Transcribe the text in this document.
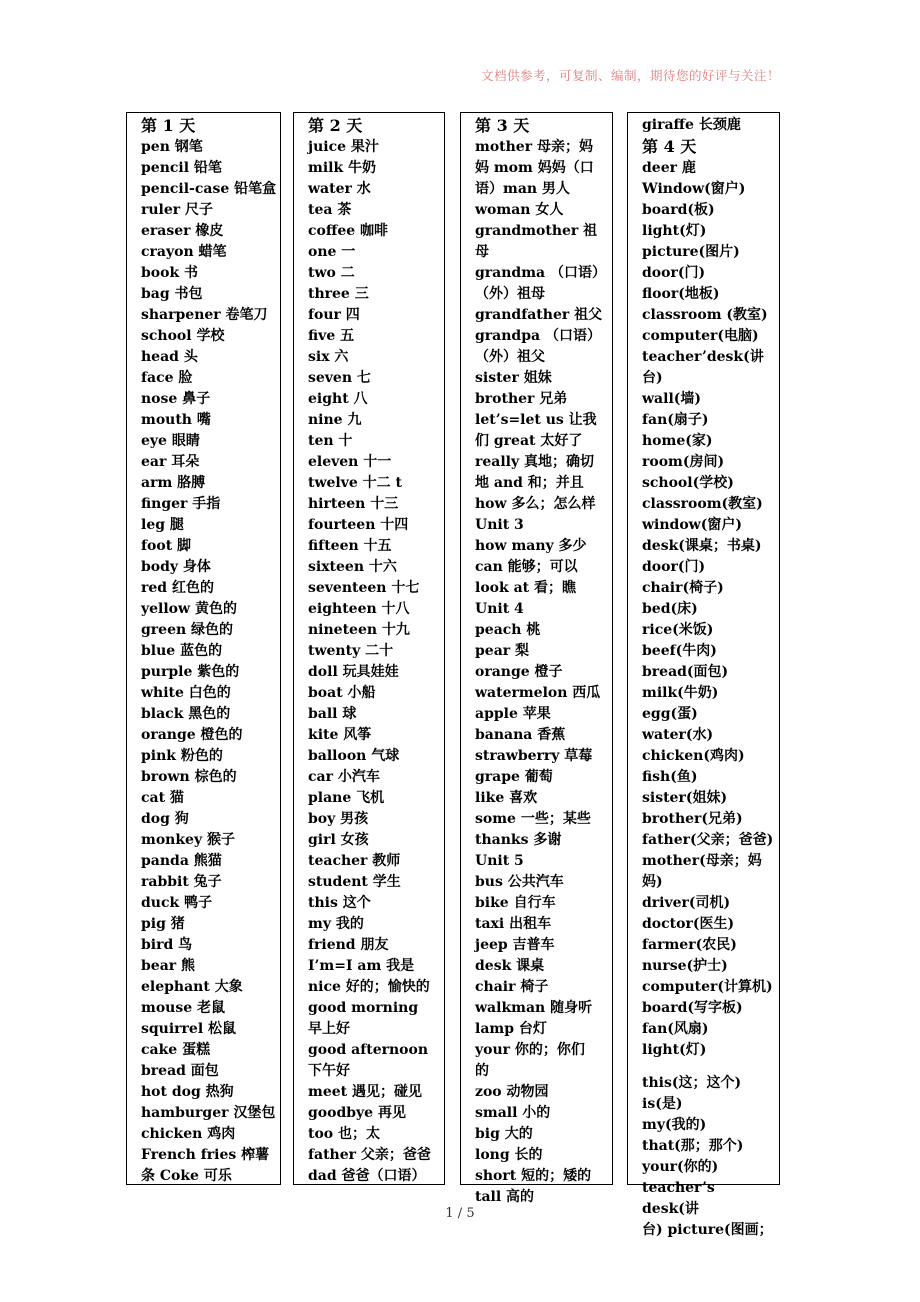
文档供参考，可复制、编制，期待您的好评与关注！
第 1 天
pen 钢笔
pencil 铅笔
pencil-case 铅笔盒
ruler 尺子
eraser 橡皮
crayon 蜡笔
book 书
bag 书包
sharpener 卷笔刀
school 学校
head 头
face 脸
nose 鼻子
mouth 嘴
eye 眼睛
ear 耳朵
arm 胳膊
finger 手指
leg 腿
foot 脚
body 身体
red 红色的
yellow 黄色的
green 绿色的
blue 蓝色的
purple 紫色的
white 白色的
black 黑色的
orange 橙色的
pink 粉色的
brown 棕色的
cat 猫
dog 狗
monkey 猴子
panda 熊猫
rabbit 兔子
duck 鸭子
pig 猪
bird 鸟
bear 熊
elephant 大象
mouse 老鼠
squirrel 松鼠
cake 蛋糕
bread 面包
hot dog 热狗
hamburger 汉堡包
chicken 鸡肉
French fries 榨薯
条 Coke 可乐
第 2 天
juice 果汁
milk 牛奶
water 水
tea 茶
coffee 咖啡
one 一
two 二
three 三
four 四
five 五
six 六
seven 七
eight 八
nine 九
ten 十
eleven 十一
twelve 十二 t
hirteen 十三
fourteen 十四
fifteen 十五
sixteen 十六
seventeen 十七
eighteen 十八
nineteen 十九
twenty 二十
doll 玩具娃娃
boat 小船
ball 球
kite 风筝
balloon 气球
car 小汽车
plane 飞机
boy 男孩
girl 女孩
teacher 教师
student 学生
this 这个
my 我的
friend 朋友
I’m=I am 我是
nice 好的；愉快的
good morning
早上好
good afternoon
下午好
meet 遇见；碰见
goodbye 再见
too 也；太
father 父亲；爸爸
dad 爸爸（口语）
第 3 天
mother 母亲；妈
妈 mom 妈妈（口
语）man 男人
woman 女人
grandmother 祖母
grandma （口语）
（外）祖母
grandfather 祖父
grandpa （口语）
（外）祖父
sister 姐妹
brother 兄弟
let’s=let us 让我
们 great 太好了
really 真地；确切
地 and 和；并且
how 多么；怎么样
Unit 3
how many 多少
can 能够；可以
look at 看；瞧
Unit 4
peach 桃
pear 梨
orange 橙子
watermelon 西瓜
apple 苹果
banana 香蕉
strawberry 草莓
grape 葡萄
like 喜欢
some 一些；某些
thanks 多谢
Unit 5
bus 公共汽车
bike 自行车
taxi 出租车
jeep 吉普车
desk 课桌
chair 椅子
walkman 随身听
lamp 台灯
your 你的；你们
的
zoo 动物园
small 小的
big 大的
long 长的
short 短的；矮的
tall 高的
giraffe 长颈鹿
第 4 天
deer 鹿
Window(窗户)
board(板)
light(灯)
picture(图片)
door(门)
floor(地板)
classroom (教室)
computer(电脑)
teacher’desk(讲台)
wall(墙)
fan(扇子)
home(家)
room(房间)
school(学校)
classroom(教室)
window(窗户)
desk(课桌；书桌)
door(门)
chair(椅子)
bed(床)
rice(米饭)
beef(牛肉)
bread(面包)
milk(牛奶)
egg(蛋)
water(水)
chicken(鸡肉)
fish(鱼)
sister(姐妹)
brother(兄弟)
father(父亲；爸爸)
mother(母亲；妈
妈)
driver(司机)
doctor(医生)
farmer(农民)
nurse(护士)
computer(计算机)
board(写字板)
fan(风扇) light(灯)
this(这；这个)
is(是)
my(我的)
that(那；那个)
your(你的)
teacher’s desk(讲
台) picture(图画；
1 / 5
